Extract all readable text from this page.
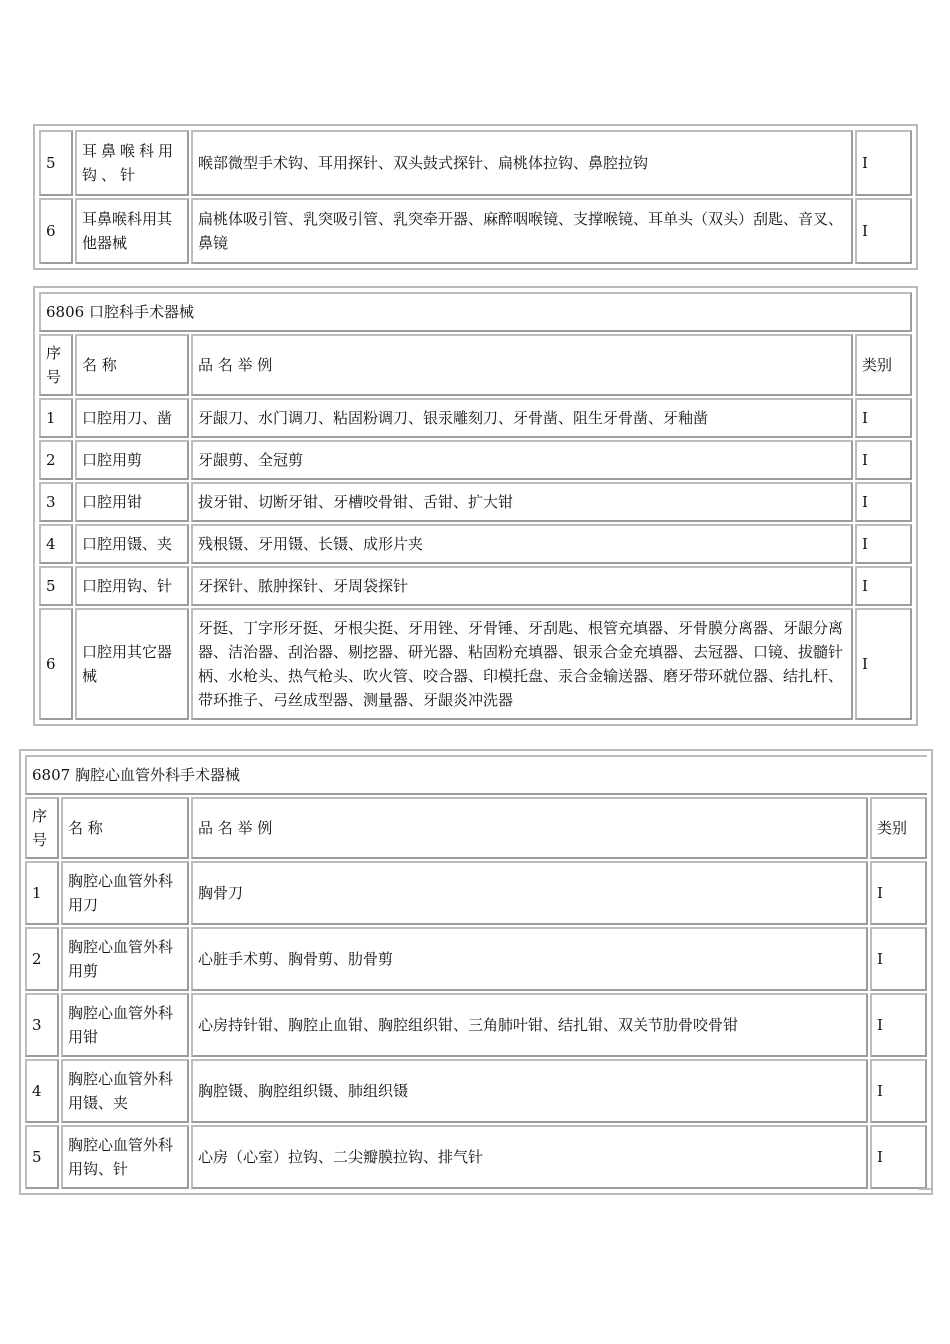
5	耳鼻喉科用钩、针	喉部微型手术钩、耳用探针、双头鼓式探针、扁桃体拉钩、鼻腔拉钩	I
6	耳鼻喉科用其他器械	扁桃体吸引管、乳突吸引管、乳突牵开器、麻醉咽喉镜、支撑喉镜、耳单头（双头）刮匙、音叉、鼻镜	I
6806 口腔科手术器械			
序号	名 称	品 名 举 例	类别
1	口腔用刀、凿	牙龈刀、水门调刀、粘固粉调刀、银汞雕刻刀、牙骨凿、阻生牙骨凿、牙釉凿	I
2	口腔用剪	牙龈剪、全冠剪	I
3	口腔用钳	拔牙钳、切断牙钳、牙槽咬骨钳、舌钳、扩大钳	I
4	口腔用镊、夹	残根镊、牙用镊、长镊、成形片夹	I
5	口腔用钩、针	牙探针、脓肿探针、牙周袋探针	I
6	口腔用其它器械	牙挺、丁字形牙挺、牙根尖挺、牙用锉、牙骨锤、牙刮匙、根管充填器、牙骨膜分离器、牙龈分离器、洁治器、刮治器、剔挖器、研光器、粘固粉充填器、银汞合金充填器、去冠器、口镜、拔髓针柄、水枪头、热气枪头、吹火管、咬合器、印模托盘、汞合金输送器、磨牙带环就位器、结扎杆、带环推子、弓丝成型器、测量器、牙龈炎冲洗器	I
6807 胸腔心血管外科手术器械			
序号	名 称	品 名 举 例	类别
1	胸腔心血管外科用刀	胸骨刀	I
2	胸腔心血管外科用剪	心脏手术剪、胸骨剪、肋骨剪	I
3	胸腔心血管外科用钳	心房持针钳、胸腔止血钳、胸腔组织钳、三角肺叶钳、结扎钳、双关节肋骨咬骨钳	I
4	胸腔心血管外科用镊、夹	胸腔镊、胸腔组织镊、肺组织镊	I
5	胸腔心血管外科用钩、针	心房（心室）拉钩、二尖瓣膜拉钩、排气针	I
